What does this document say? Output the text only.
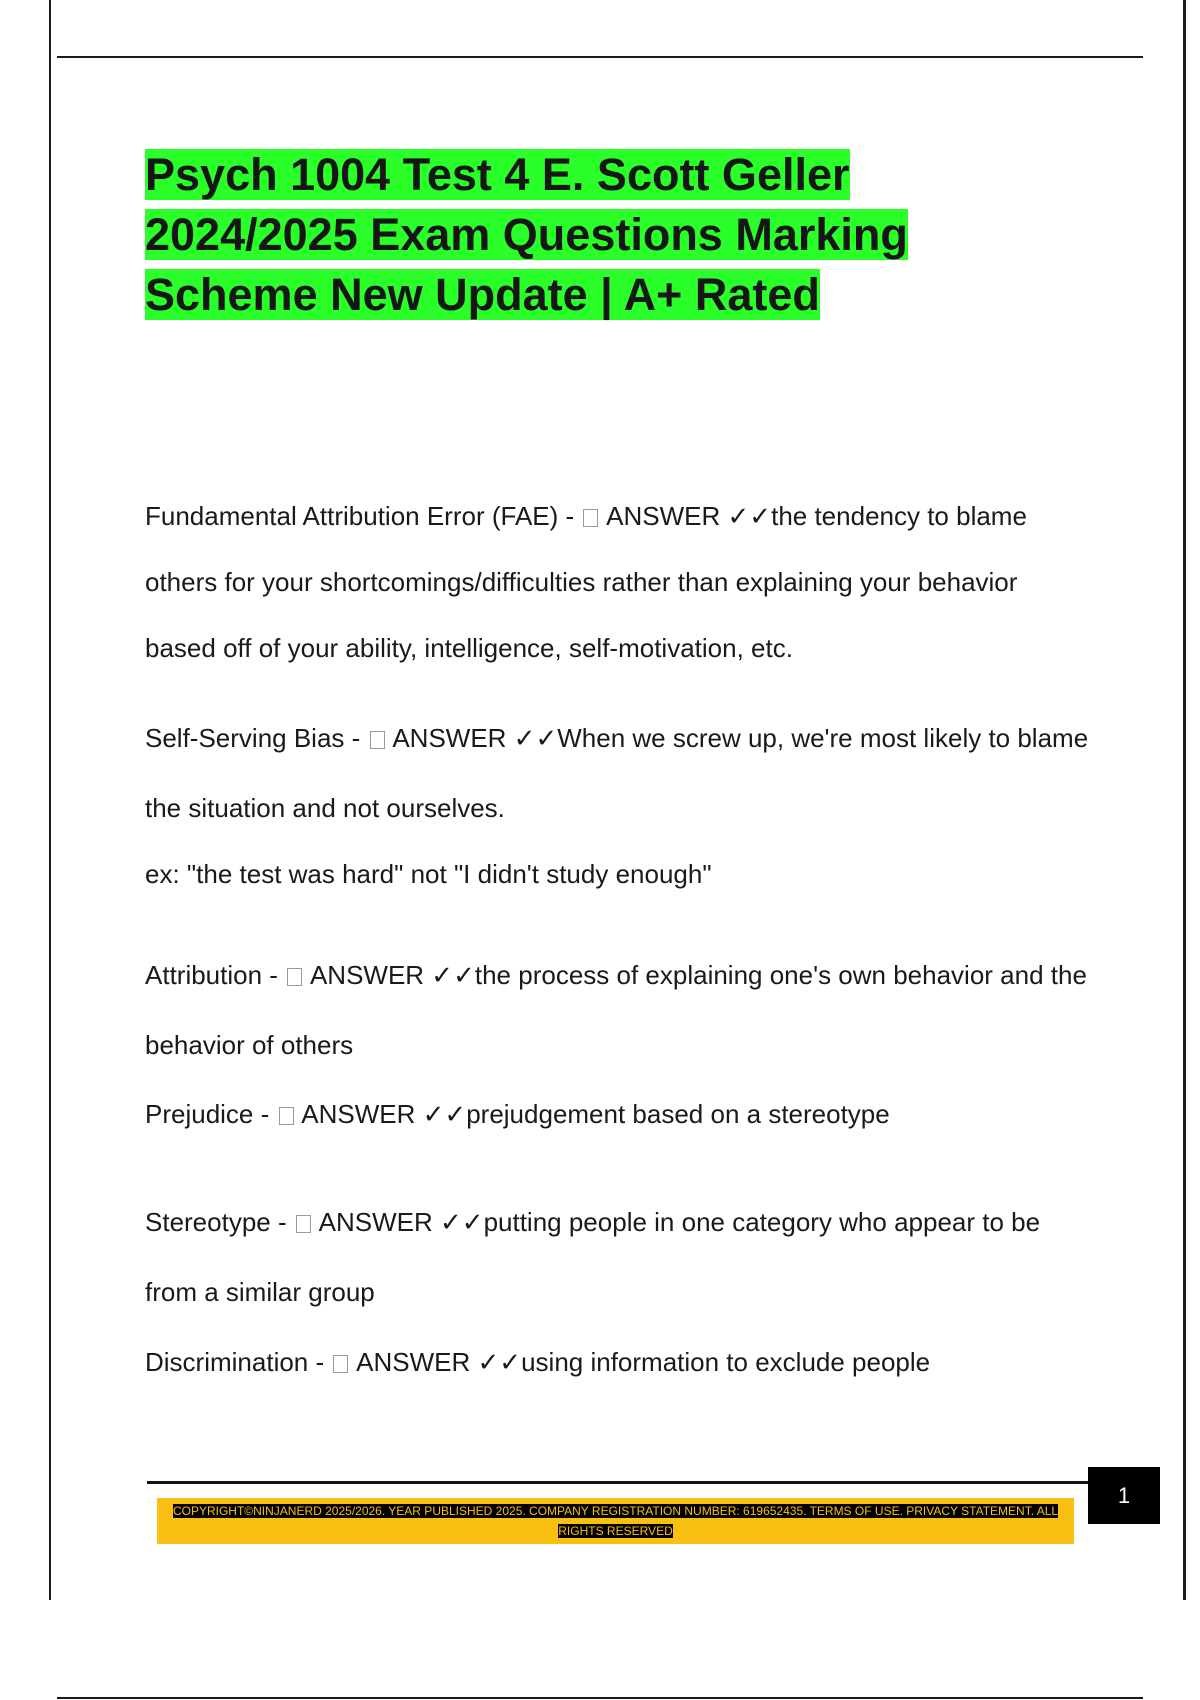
Psych 1004 Test 4 E. Scott Geller 2024/2025 Exam Questions Marking Scheme New Update | A+ Rated

Fundamental Attribution Error (FAE) -  ANSWER ✓✓the tendency to blame others for your shortcomings/difficulties rather than explaining your behavior based off of your ability, intelligence, self-motivation, etc.

Self-Serving Bias -  ANSWER ✓✓When we screw up, we're most likely to blame the situation and not ourselves.

ex: "the test was hard" not "I didn't study enough"

Attribution -  ANSWER ✓✓the process of explaining one's own behavior and the behavior of others

Prejudice -  ANSWER ✓✓prejudgement based on a stereotype

Stereotype -  ANSWER ✓✓putting people in one category who appear to be from a similar group

Discrimination -  ANSWER ✓✓using information to exclude people

1
COPYRIGHT©NINJANERD 2025/2026. YEAR PUBLISHED 2025. COMPANY REGISTRATION NUMBER: 619652435. TERMS OF USE. PRIVACY STATEMENT. ALL RIGHTS RESERVED
